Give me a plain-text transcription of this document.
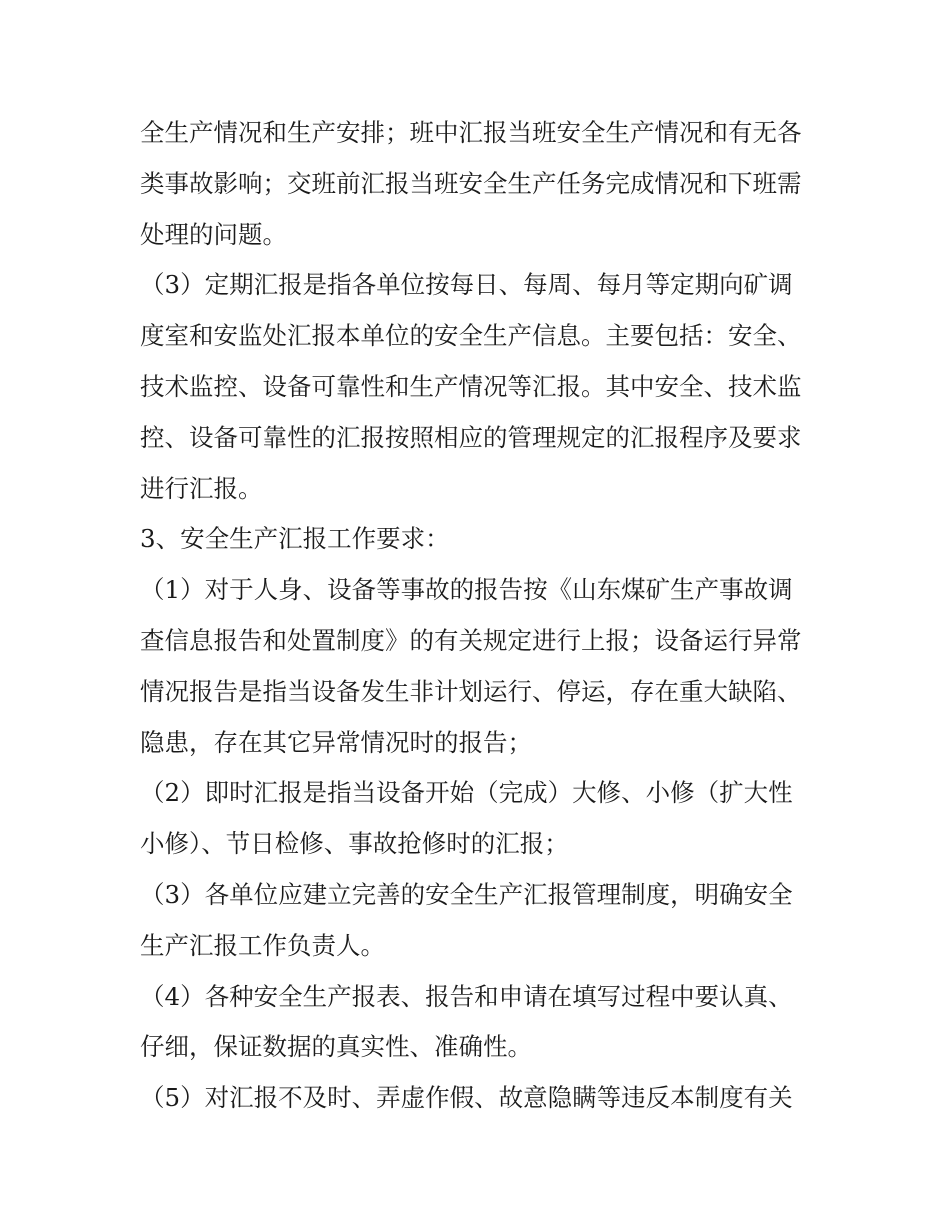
全生产情况和生产安排；班中汇报当班安全生产情况和有无各
类事故影响；交班前汇报当班安全生产任务完成情况和下班需
处理的问题。
（3）定期汇报是指各单位按每日、每周、每月等定期向矿调
度室和安监处汇报本单位的安全生产信息。主要包括：安全、
技术监控、设备可靠性和生产情况等汇报。其中安全、技术监
控、设备可靠性的汇报按照相应的管理规定的汇报程序及要求
进行汇报。
3、安全生产汇报工作要求：
（1）对于人身、设备等事故的报告按《山东煤矿生产事故调
查信息报告和处置制度》的有关规定进行上报；设备运行异常
情况报告是指当设备发生非计划运行、停运，存在重大缺陷、
隐患，存在其它异常情况时的报告；
（2）即时汇报是指当设备开始（完成）大修、小修（扩大性
小修）、节日检修、事故抢修时的汇报；
（3）各单位应建立完善的安全生产汇报管理制度，明确安全
生产汇报工作负责人。
（4）各种安全生产报表、报告和申请在填写过程中要认真、
仔细，保证数据的真实性、准确性。
（5）对汇报不及时、弄虚作假、故意隐瞒等违反本制度有关
